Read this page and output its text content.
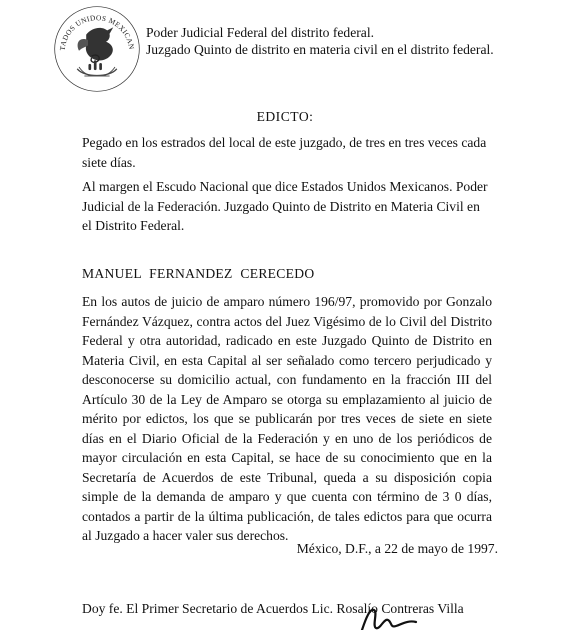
TADOS UNIDOS MEXICAN
Poder Judicial Federal del distrito federal.
Juzgado Quinto de distrito en materia civil en el distrito federal.
EDICTO:

Pegado en los estrados del local de este juzgado, de tres en tres veces cada siete días.

Al margen el Escudo Nacional que dice Estados Unidos Mexicanos. Poder Judicial de la Federación. Juzgado Quinto de Distrito en Materia Civil en el Distrito Federal.

MANUEL FERNANDEZ CERECEDO

En los autos de juicio de amparo número 196/97, promovido por Gonzalo Fernández Vázquez, contra actos del Juez Vigésimo de lo Civil del Distrito Federal y otra autoridad, radicado en este Juzgado Quinto de Distrito en Materia Civil, en esta Capital al ser señalado como tercero perjudicado y desconocerse su domicilio actual, con fundamento en la fracción III del Artículo 30 de la Ley de Amparo se otorga su emplazamiento al juicio de mérito por edictos, los que se publicarán por tres veces de siete en siete días en el Diario Oficial de la Federación y en uno de los periódicos de mayor circulación en esta Capital, se hace de su conocimiento que en la Secretaría de Acuerdos de este Tribunal, queda a su disposición copia simple de la demanda de amparo y que cuenta con término de 3 0 días, contados a partir de la última publicación, de tales edictos para que ocurra al Juzgado a hacer valer sus derechos.

México, D.F., a 22 de mayo de 1997.
Doy fe. El Primer Secretario de Acuerdos Lic. Rosalío Contreras Villa
